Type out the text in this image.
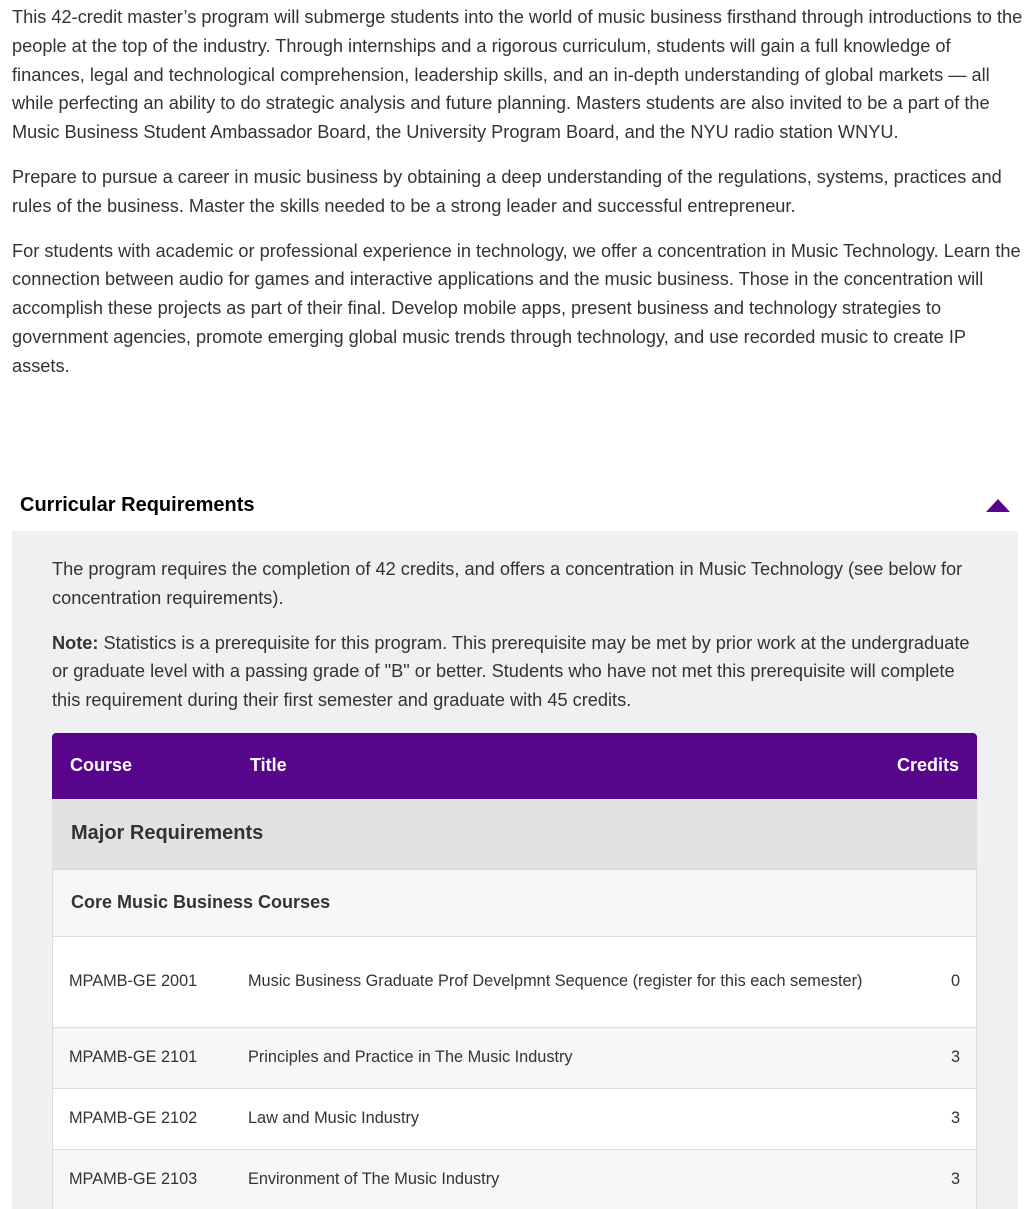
This 42-credit master’s program will submerge students into the world of music business firsthand through introductions to the people at the top of the industry. Through internships and a rigorous curriculum, students will gain a full knowledge of finances, legal and technological comprehension, leadership skills, and an in-depth understanding of global markets — all while perfecting an ability to do strategic analysis and future planning. Masters students are also invited to be a part of the Music Business Student Ambassador Board, the University Program Board, and the NYU radio station WNYU.

Prepare to pursue a career in music business by obtaining a deep understanding of the regulations, systems, practices and rules of the business. Master the skills needed to be a strong leader and successful entrepreneur.

For students with academic or professional experience in technology, we offer a concentration in Music Technology. Learn the connection between audio for games and interactive applications and the music business. Those in the concentration will accomplish these projects as part of their final. Develop mobile apps, present business and technology strategies to government agencies, promote emerging global music trends through technology, and use recorded music to create IP assets.

Curricular Requirements

The program requires the completion of 42 credits, and offers a concentration in Music Technology (see below for concentration requirements).

Note: Statistics is a prerequisite for this program. This prerequisite may be met by prior work at the undergraduate or graduate level with a passing grade of "B" or better. Students who have not met this prerequisite will complete this requirement during their first semester and graduate with 45 credits.

Course	Title	Credits
Major Requirements		
Core Music Business Courses		
MPAMB-GE 2001	Music Business Graduate Prof Develpmnt Sequence (register for this each semester)	0
MPAMB-GE 2101	Principles and Practice in The Music Industry	3
MPAMB-GE 2102	Law and Music Industry	3
MPAMB-GE 2103	Environment of The Music Industry	3
